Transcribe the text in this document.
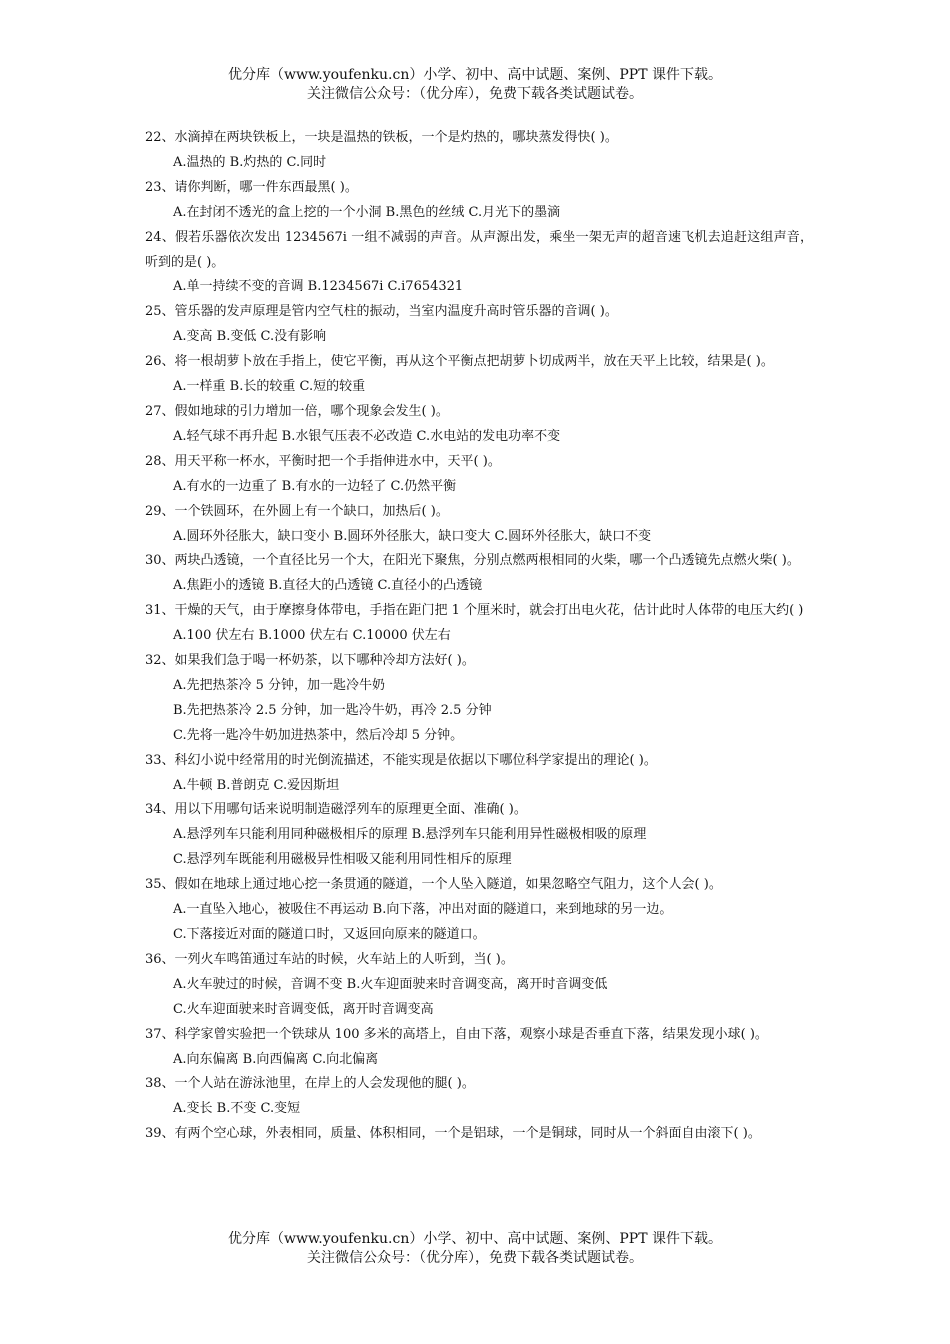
优分库（www.youfenku.cn）小学、初中、高中试题、案例、PPT 课件下载。
关注微信公众号：（优分库），免费下载各类试题试卷。
22、水滴掉在两块铁板上，一块是温热的铁板，一个是灼热的，哪块蒸发得快( )。
A.温热的 B.灼热的 C.同时
23、请你判断，哪一件东西最黑( )。
A.在封闭不透光的盒上挖的一个小洞 B.黑色的丝绒 C.月光下的墨滴
24、假若乐器依次发出 1234567i 一组不减弱的声音。从声源出发，乘坐一架无声的超音速飞机去追赶这组声音，听到的是( )。
A.单一持续不变的音调 B.1234567i C.i7654321
25、管乐器的发声原理是管内空气柱的振动，当室内温度升高时管乐器的音调( )。
A.变高 B.变低 C.没有影响
26、将一根胡萝卜放在手指上，使它平衡，再从这个平衡点把胡萝卜切成两半，放在天平上比较，结果是( )。
A.一样重 B.长的较重 C.短的较重
27、假如地球的引力增加一倍，哪个现象会发生( )。
A.轻气球不再升起 B.水银气压表不必改造 C.水电站的发电功率不变
28、用天平称一杯水，平衡时把一个手指伸进水中，天平( )。
A.有水的一边重了 B.有水的一边轻了 C.仍然平衡
29、一个铁圆环，在外圆上有一个缺口，加热后( )。
A.圆环外径胀大，缺口变小 B.圆环外径胀大，缺口变大 C.圆环外径胀大，缺口不变
30、两块凸透镜，一个直径比另一个大，在阳光下聚焦，分别点燃两根相同的火柴，哪一个凸透镜先点燃火柴( )。
A.焦距小的透镜 B.直径大的凸透镜 C.直径小的凸透镜
31、干燥的天气，由于摩擦身体带电，手指在距门把 1 个厘米时，就会打出电火花，估计此时人体带的电压大约( )
A.100 伏左右 B.1000 伏左右 C.10000 伏左右
32、如果我们急于喝一杯奶茶，以下哪种冷却方法好( )。
A.先把热茶冷 5 分钟，加一匙冷牛奶
B.先把热茶冷 2.5 分钟，加一匙冷牛奶，再冷 2.5 分钟
C.先将一匙冷牛奶加进热茶中，然后冷却 5 分钟。
33、科幻小说中经常用的时光倒流描述，不能实现是依据以下哪位科学家提出的理论( )。
A.牛顿 B.普朗克 C.爱因斯坦
34、用以下用哪句话来说明制造磁浮列车的原理更全面、准确( )。
A.悬浮列车只能利用同种磁极相斥的原理 B.悬浮列车只能利用异性磁极相吸的原理
C.悬浮列车既能利用磁极异性相吸又能利用同性相斥的原理
35、假如在地球上通过地心挖一条贯通的隧道，一个人坠入隧道，如果忽略空气阻力，这个人会( )。
A.一直坠入地心，被吸住不再运动 B.向下落，冲出对面的隧道口，来到地球的另一边。
C.下落接近对面的隧道口时，又返回向原来的隧道口。
36、一列火车鸣笛通过车站的时候，火车站上的人听到，当( )。
A.火车驶过的时候，音调不变 B.火车迎面驶来时音调变高，离开时音调变低
C.火车迎面驶来时音调变低，离开时音调变高
37、科学家曾实验把一个铁球从 100 多米的高塔上，自由下落，观察小球是否垂直下落，结果发现小球( )。
A.向东偏离 B.向西偏离 C.向北偏离
38、一个人站在游泳池里，在岸上的人会发现他的腿( )。
A.变长 B.不变 C.变短
39、有两个空心球，外表相同，质量、体积相同，一个是铝球，一个是铜球，同时从一个斜面自由滚下( )。
优分库（www.youfenku.cn）小学、初中、高中试题、案例、PPT 课件下载。
关注微信公众号：（优分库），免费下载各类试题试卷。
